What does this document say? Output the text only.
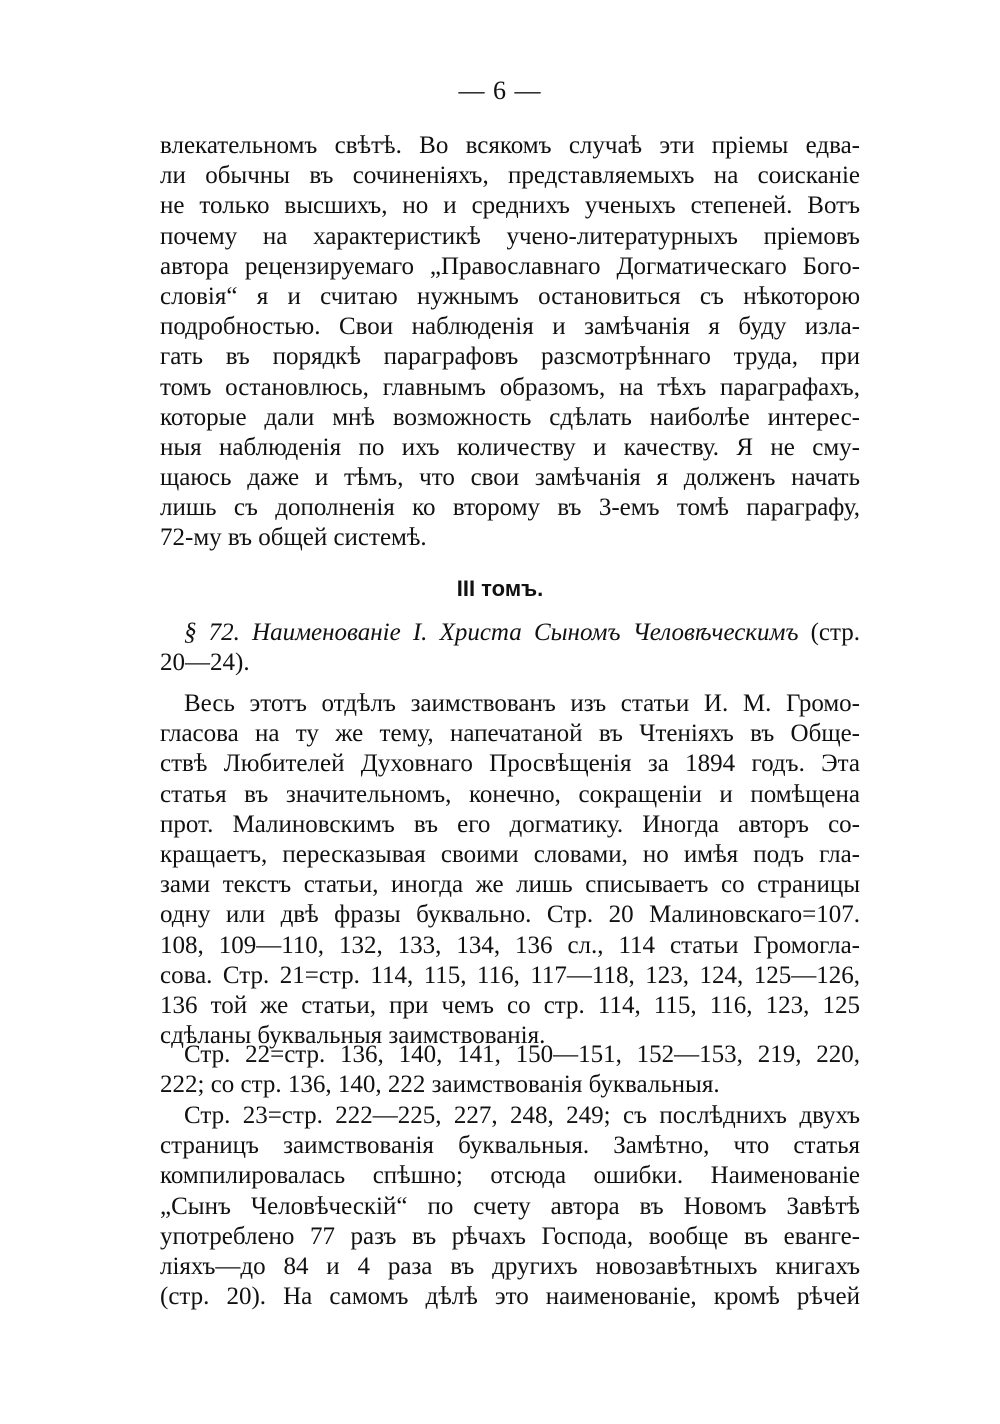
— 6 —
влекательномъ свѣтѣ. Во всякомъ случаѣ эти пріемы едва-
ли обычны въ сочиненіяхъ, представляемыхъ на соисканіе
не только высшихъ, но и среднихъ ученыхъ степеней. Вотъ
почему на характеристикѣ учено-литературныхъ пріемовъ
автора рецензируемаго „Православнаго Догматическаго Бого-
словія“ я и считаю нужнымъ остановиться съ нѣкоторою
подробностью. Свои наблюденія и замѣчанія я буду изла-
гать въ порядкѣ параграфовъ разсмотрѣннаго труда, при
томъ остановлюсь, главнымъ образомъ, на тѣхъ параграфахъ,
которые дали мнѣ возможность сдѣлать наиболѣе интерес-
ныя наблюденія по ихъ количеству и качеству. Я не сму-
щаюсь даже и тѣмъ, что свои замѣчанія я долженъ начать
лишь съ дополненія ко второму въ 3-емъ томѣ параграфу,
72-му въ общей системѣ.
III томъ.
§ 72. Наименованіе І. Христа Сыномъ Человѣческимъ (стр.
20—24).
Весь этотъ отдѣлъ заимствованъ изъ статьи И. М. Громо-
гласова на ту же тему, напечатаной въ Чтеніяхъ въ Обще-
ствѣ Любителей Духовнаго Просвѣщенія за 1894 годъ. Эта
статья въ значительномъ, конечно, сокращеніи и помѣщена
прот. Малиновскимъ въ его догматику. Иногда авторъ со-
кращаетъ, пересказывая своими словами, но имѣя подъ гла-
зами текстъ статьи, иногда же лишь списываетъ со страницы
одну или двѣ фразы буквально. Стр. 20 Малиновскаго=107.
108, 109—110, 132, 133, 134, 136 сл., 114 статьи Громогла-
сова. Стр. 21=стр. 114, 115, 116, 117—118, 123, 124, 125—126,
136 той же статьи, при чемъ со стр. 114, 115, 116, 123, 125
сдѣланы буквальныя заимствованія.
Стр. 22=стр. 136, 140, 141, 150—151, 152—153, 219, 220,
222; со стр. 136, 140, 222 заимствованія буквальныя.
Стр. 23=стр. 222—225, 227, 248, 249; съ послѣднихъ двухъ
страницъ заимствованія буквальныя. Замѣтно, что статья
компилировалась спѣшно; отсюда ошибки. Наименованіе
„Сынъ Человѣческій“ по счету автора въ Новомъ Завѣтѣ
употреблено 77 разъ въ рѣчахъ Господа, вообще въ еванге-
ліяхъ—до 84 и 4 раза въ другихъ новозавѣтныхъ книгахъ
(стр. 20). На самомъ дѣлѣ это наименованіе, кромѣ рѣчей
